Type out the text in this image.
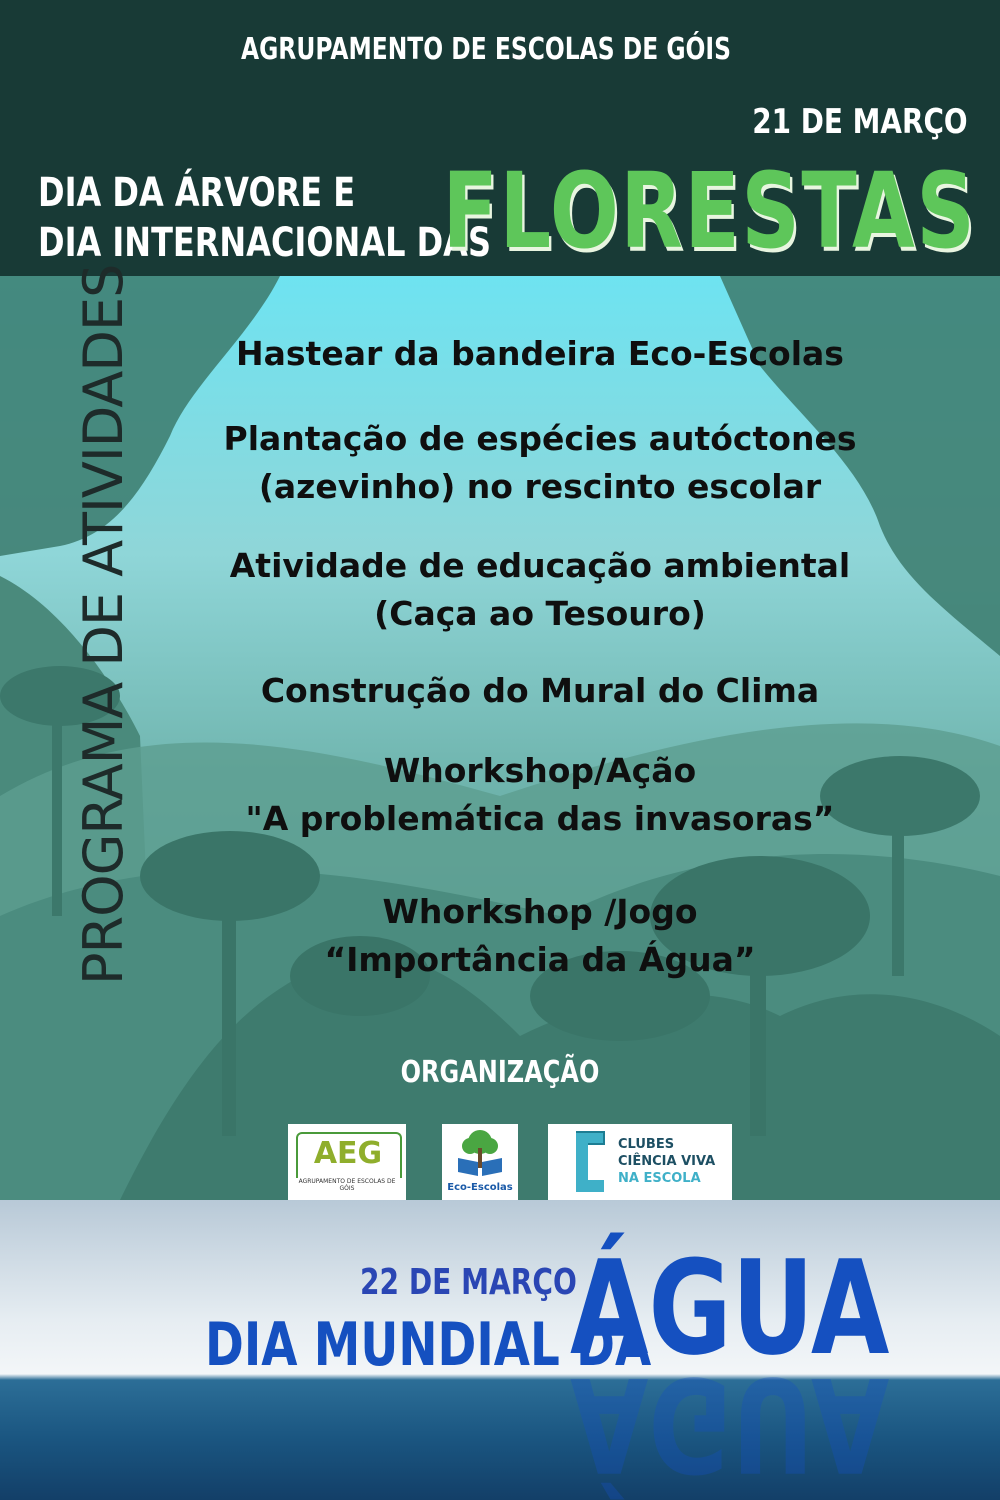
AGRUPAMENTO DE ESCOLAS DE GÓIS
21 DE MARÇO
DIA DA ÁRVORE E
DIA INTERNACIONAL DAS
FLORESTAS
PROGRAMA DE ATIVIDADES	Hastear da bandeira Eco-Escolas
Plantação de espécies autóctones
(azevinho) no rescinto escolar
Atividade de educação ambiental
(Caça ao Tesouro)
Construção do Mural do Clima
Whorkshop/Ação
"A problemática das invasoras”
Whorkshop /Jogo
“Importância da Água”
ORGANIZAÇÃO
AEG
AGRUPAMENTO DE ESCOLAS DE GÓIS	Eco-Escolas
CLUBES
CIÊNCIA VIVA
NA ESCOLA
22 DE MARÇO
DIA MUNDIAL DA
ÁGUA
ÁGUA
